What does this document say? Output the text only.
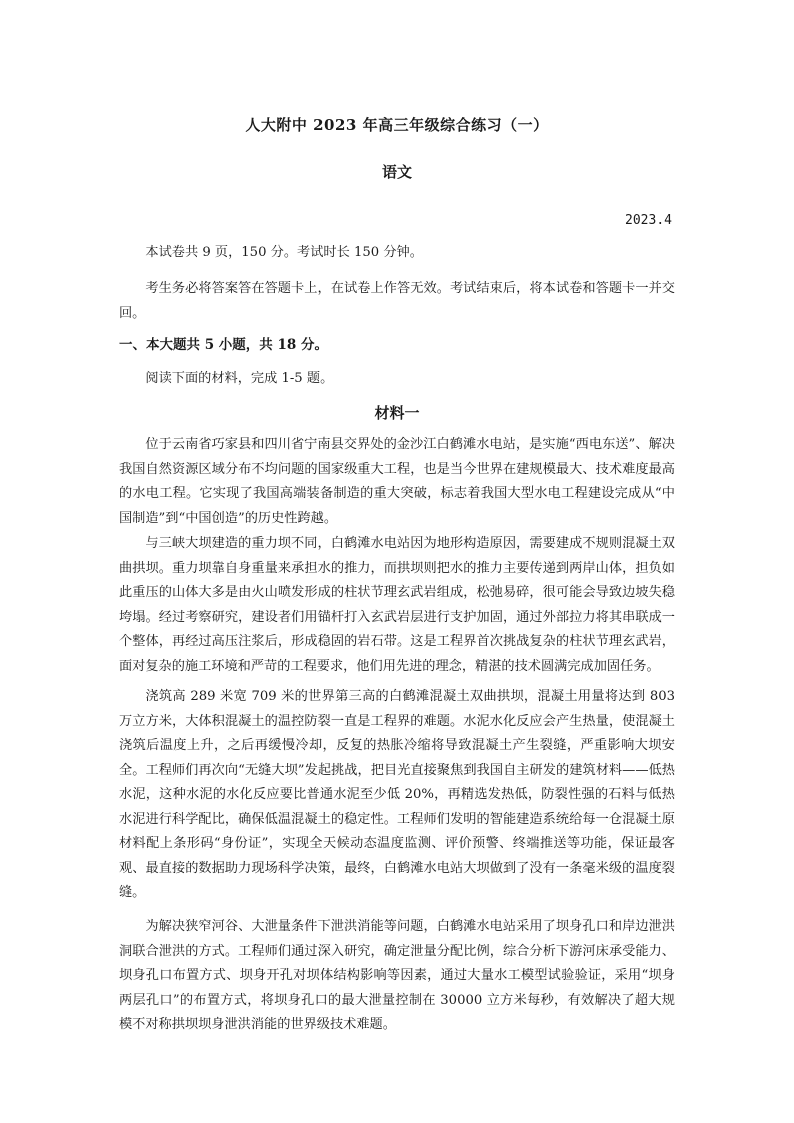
人大附中 2023 年高三年级综合练习（一）
语文
2023.4

本试卷共 9 页，150 分。考试时长 150 分钟。

考生务必将答案答在答题卡上，在试卷上作答无效。考试结束后，将本试卷和答题卡一并交回。

一、本大题共 5 小题，共 18 分。

阅读下面的材料，完成 1-5 题。

材料一

位于云南省巧家县和四川省宁南县交界处的金沙江白鹤滩水电站，是实施“西电东送”、解决我国自然资源区域分布不均问题的国家级重大工程，也是当今世界在建规模最大、技术难度最高的水电工程。它实现了我国高端装备制造的重大突破，标志着我国大型水电工程建设完成从“中国制造”到“中国创造”的历史性跨越。

与三峡大坝建造的重力坝不同，白鹤滩水电站因为地形构造原因，需要建成不规则混凝土双曲拱坝。重力坝靠自身重量来承担水的推力，而拱坝则把水的推力主要传递到两岸山体，担负如此重压的山体大多是由火山喷发形成的柱状节理玄武岩组成，松弛易碎，很可能会导致边坡失稳垮塌。经过考察研究，建设者们用锚杆打入玄武岩层进行支护加固，通过外部拉力将其串联成一个整体，再经过高压注浆后，形成稳固的岩石带。这是工程界首次挑战复杂的柱状节理玄武岩，面对复杂的施工环境和严苛的工程要求，他们用先进的理念，精湛的技术圆满完成加固任务。

浇筑高 289 米宽 709 米的世界第三高的白鹤滩混凝土双曲拱坝，混凝土用量将达到 803 万立方米，大体积混凝土的温控防裂一直是工程界的难题。水泥水化反应会产生热量，使混凝土浇筑后温度上升，之后再缓慢冷却，反复的热胀冷缩将导致混凝土产生裂缝，严重影响大坝安全。工程师们再次向“无缝大坝”发起挑战，把目光直接聚焦到我国自主研发的建筑材料——低热水泥，这种水泥的水化反应要比普通水泥至少低 20%，再精选发热低，防裂性强的石料与低热水泥进行科学配比，确保低温混凝土的稳定性。工程师们发明的智能建造系统给每一仓混凝土原材料配上条形码“身份证”，实现全天候动态温度监测、评价预警、终端推送等功能，保证最客观、最直接的数据助力现场科学决策，最终，白鹤滩水电站大坝做到了没有一条毫米级的温度裂缝。

为解决狭窄河谷、大泄量条件下泄洪消能等问题，白鹤滩水电站采用了坝身孔口和岸边泄洪洞联合泄洪的方式。工程师们通过深入研究，确定泄量分配比例，综合分析下游河床承受能力、坝身孔口布置方式、坝身开孔对坝体结构影响等因素，通过大量水工模型试验验证，采用“坝身两层孔口”的布置方式，将坝身孔口的最大泄量控制在 30000 立方米每秒，有效解决了超大规模不对称拱坝坝身泄洪消能的世界级技术难题。
